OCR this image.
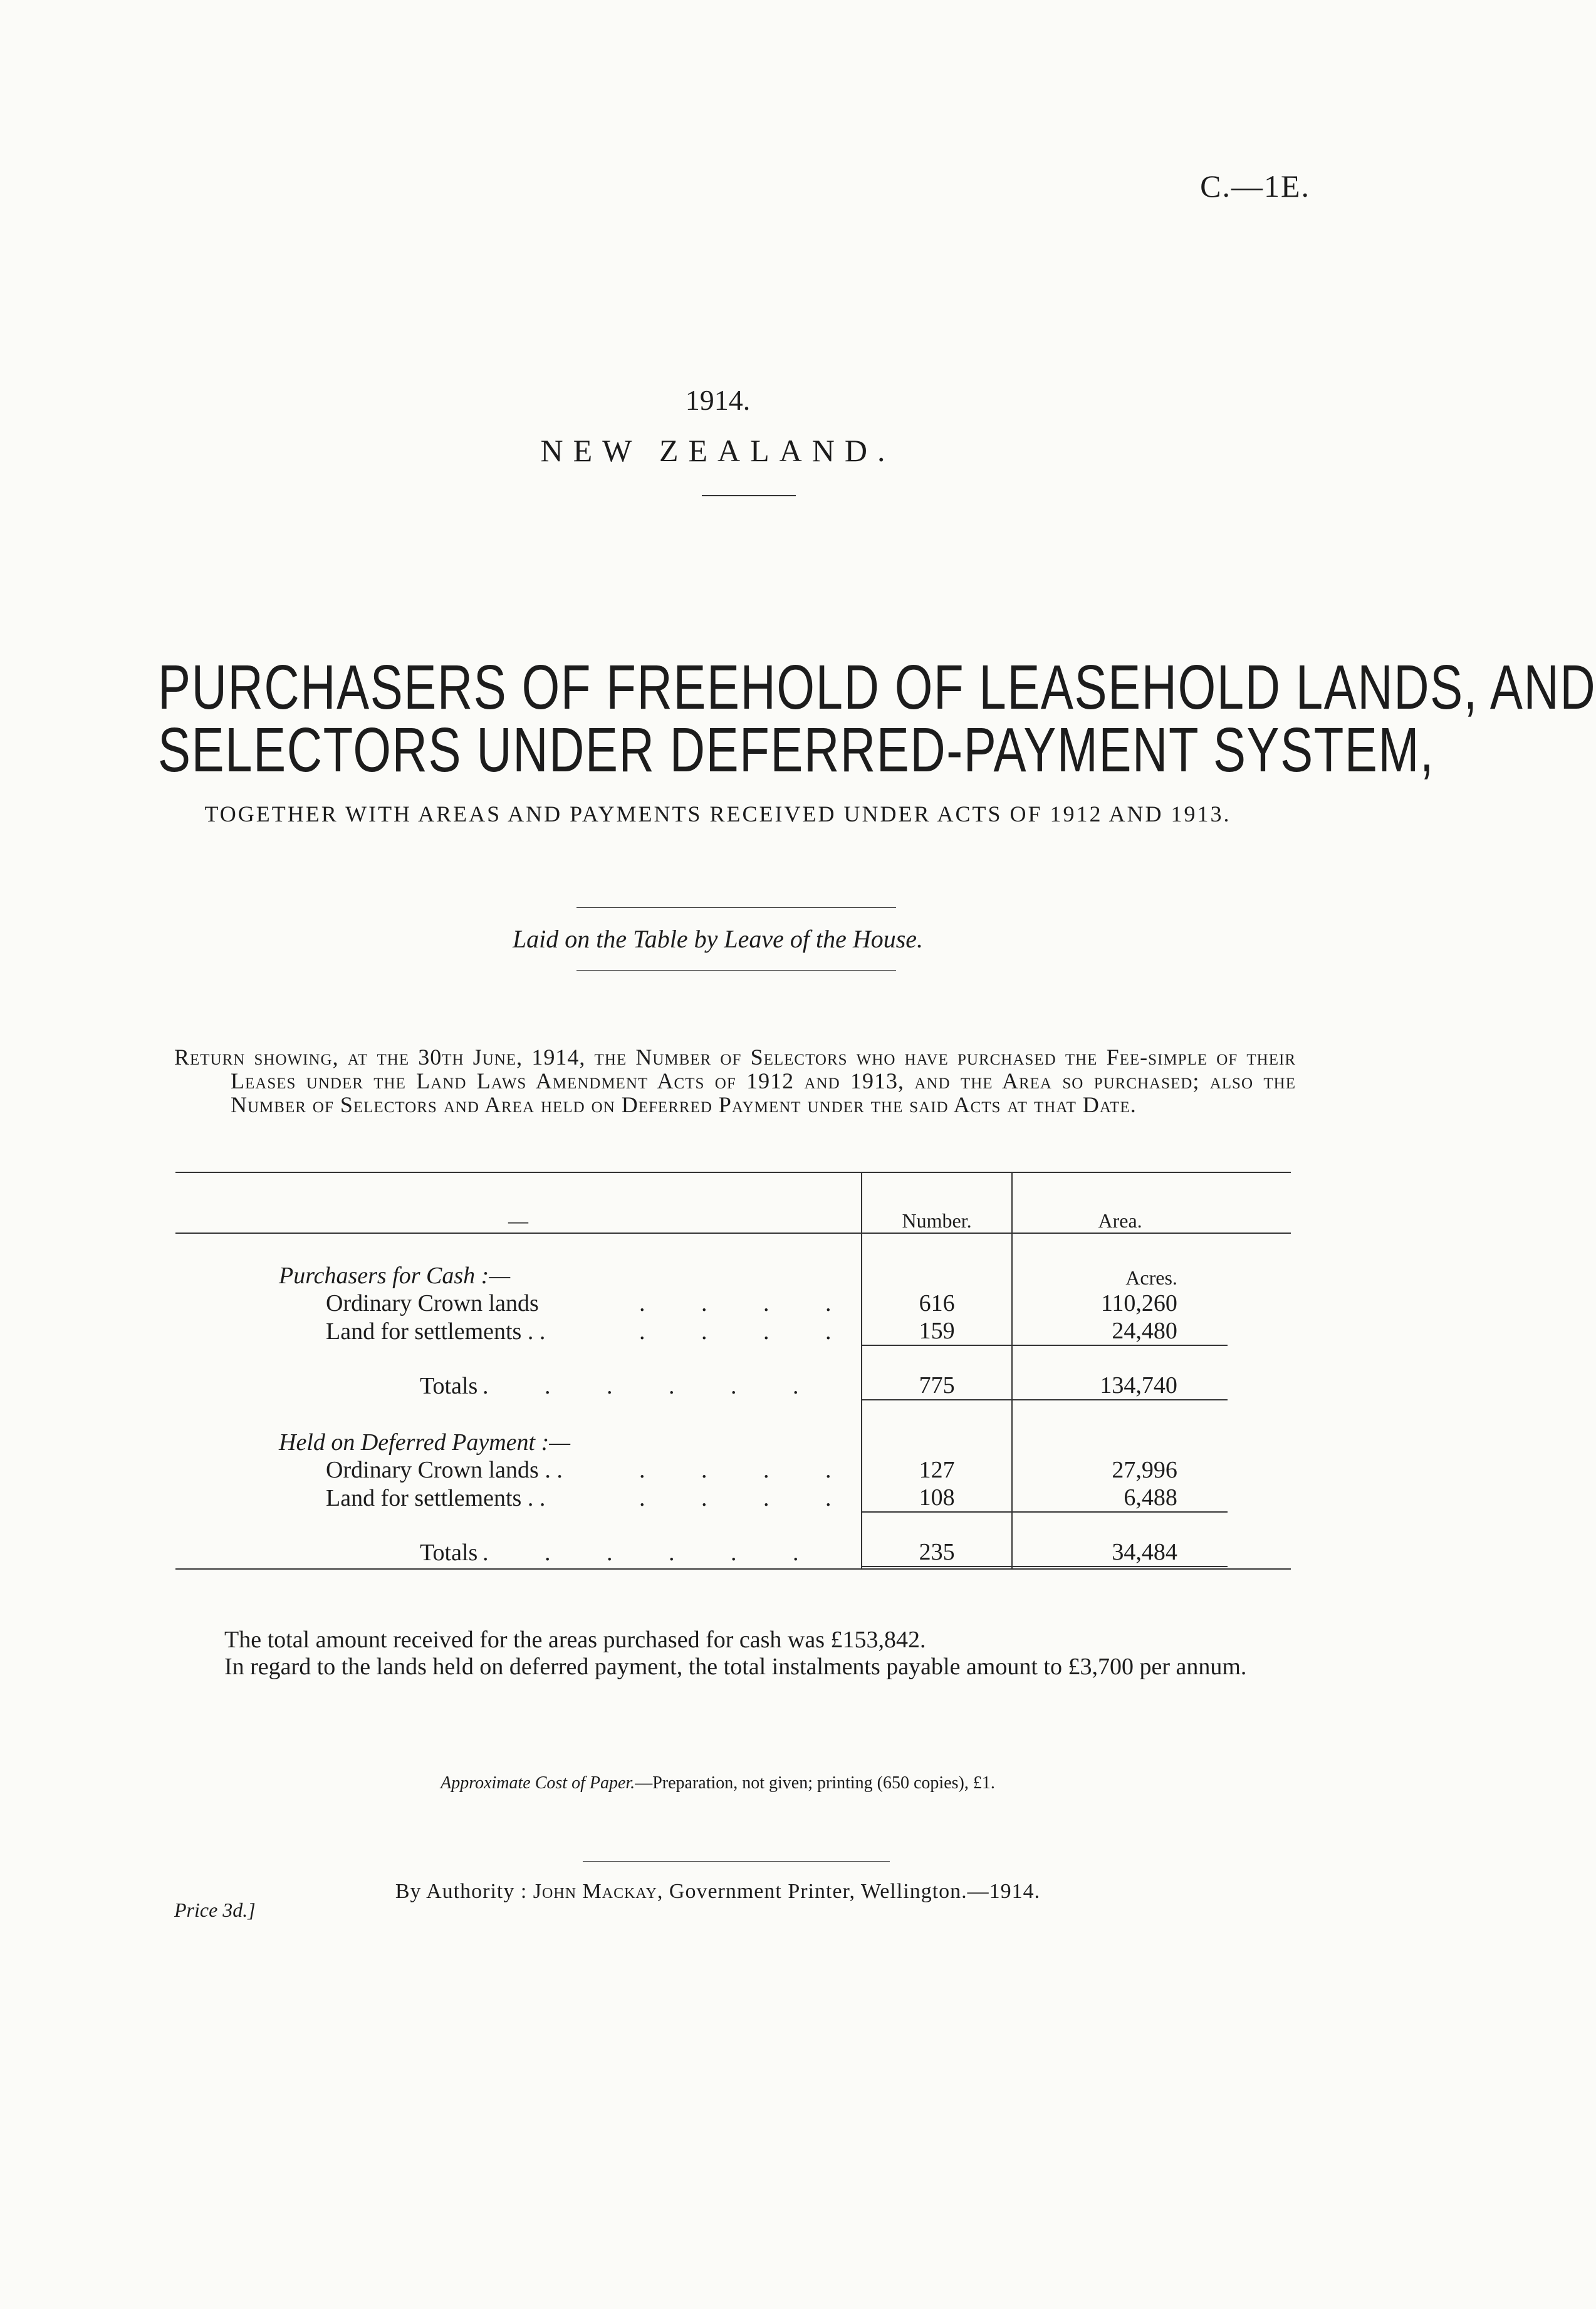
C.—1E.
1914.
NEW ZEALAND.
PURCHASERS OF FREEHOLD OF LEASEHOLD LANDS, AND
SELECTORS UNDER DEFERRED-PAYMENT SYSTEM,
TOGETHER WITH AREAS AND PAYMENTS RECEIVED UNDER ACTS OF 1912 AND 1913.
Laid on the Table by Leave of the House.
Return showing, at the 30th June, 1914, the Number of Selectors who have purchased the Fee-simple of their Leases under the Land Laws Amendment Acts of 1912 and 1913, and the Area so purchased; also the Number of Selectors and Area held on Deferred Payment under the said Acts at that Date.
—	Number.	Area.	

Purchasers for Cash :—		Acres.	
Ordinary Crown lands . . . .	616	110,260	
Land for settlements . . . . . .	159	24,480	
Totals . . . . . .	775	134,740	

Held on Deferred Payment :—			
Ordinary Crown lands . . . . . .	127	27,996	
Land for settlements . . . . . .	108	6,488	
Totals . . . . . .	235	34,484	

The total amount received for the areas purchased for cash was £153,842.
In regard to the lands held on deferred payment, the total instalments payable amount to £3,700 per annum.
Approximate Cost of Paper.—Preparation, not given; printing (650 copies), £1.
By Authority : John Mackay, Government Printer, Wellington.—1914.
Price 3d.]
